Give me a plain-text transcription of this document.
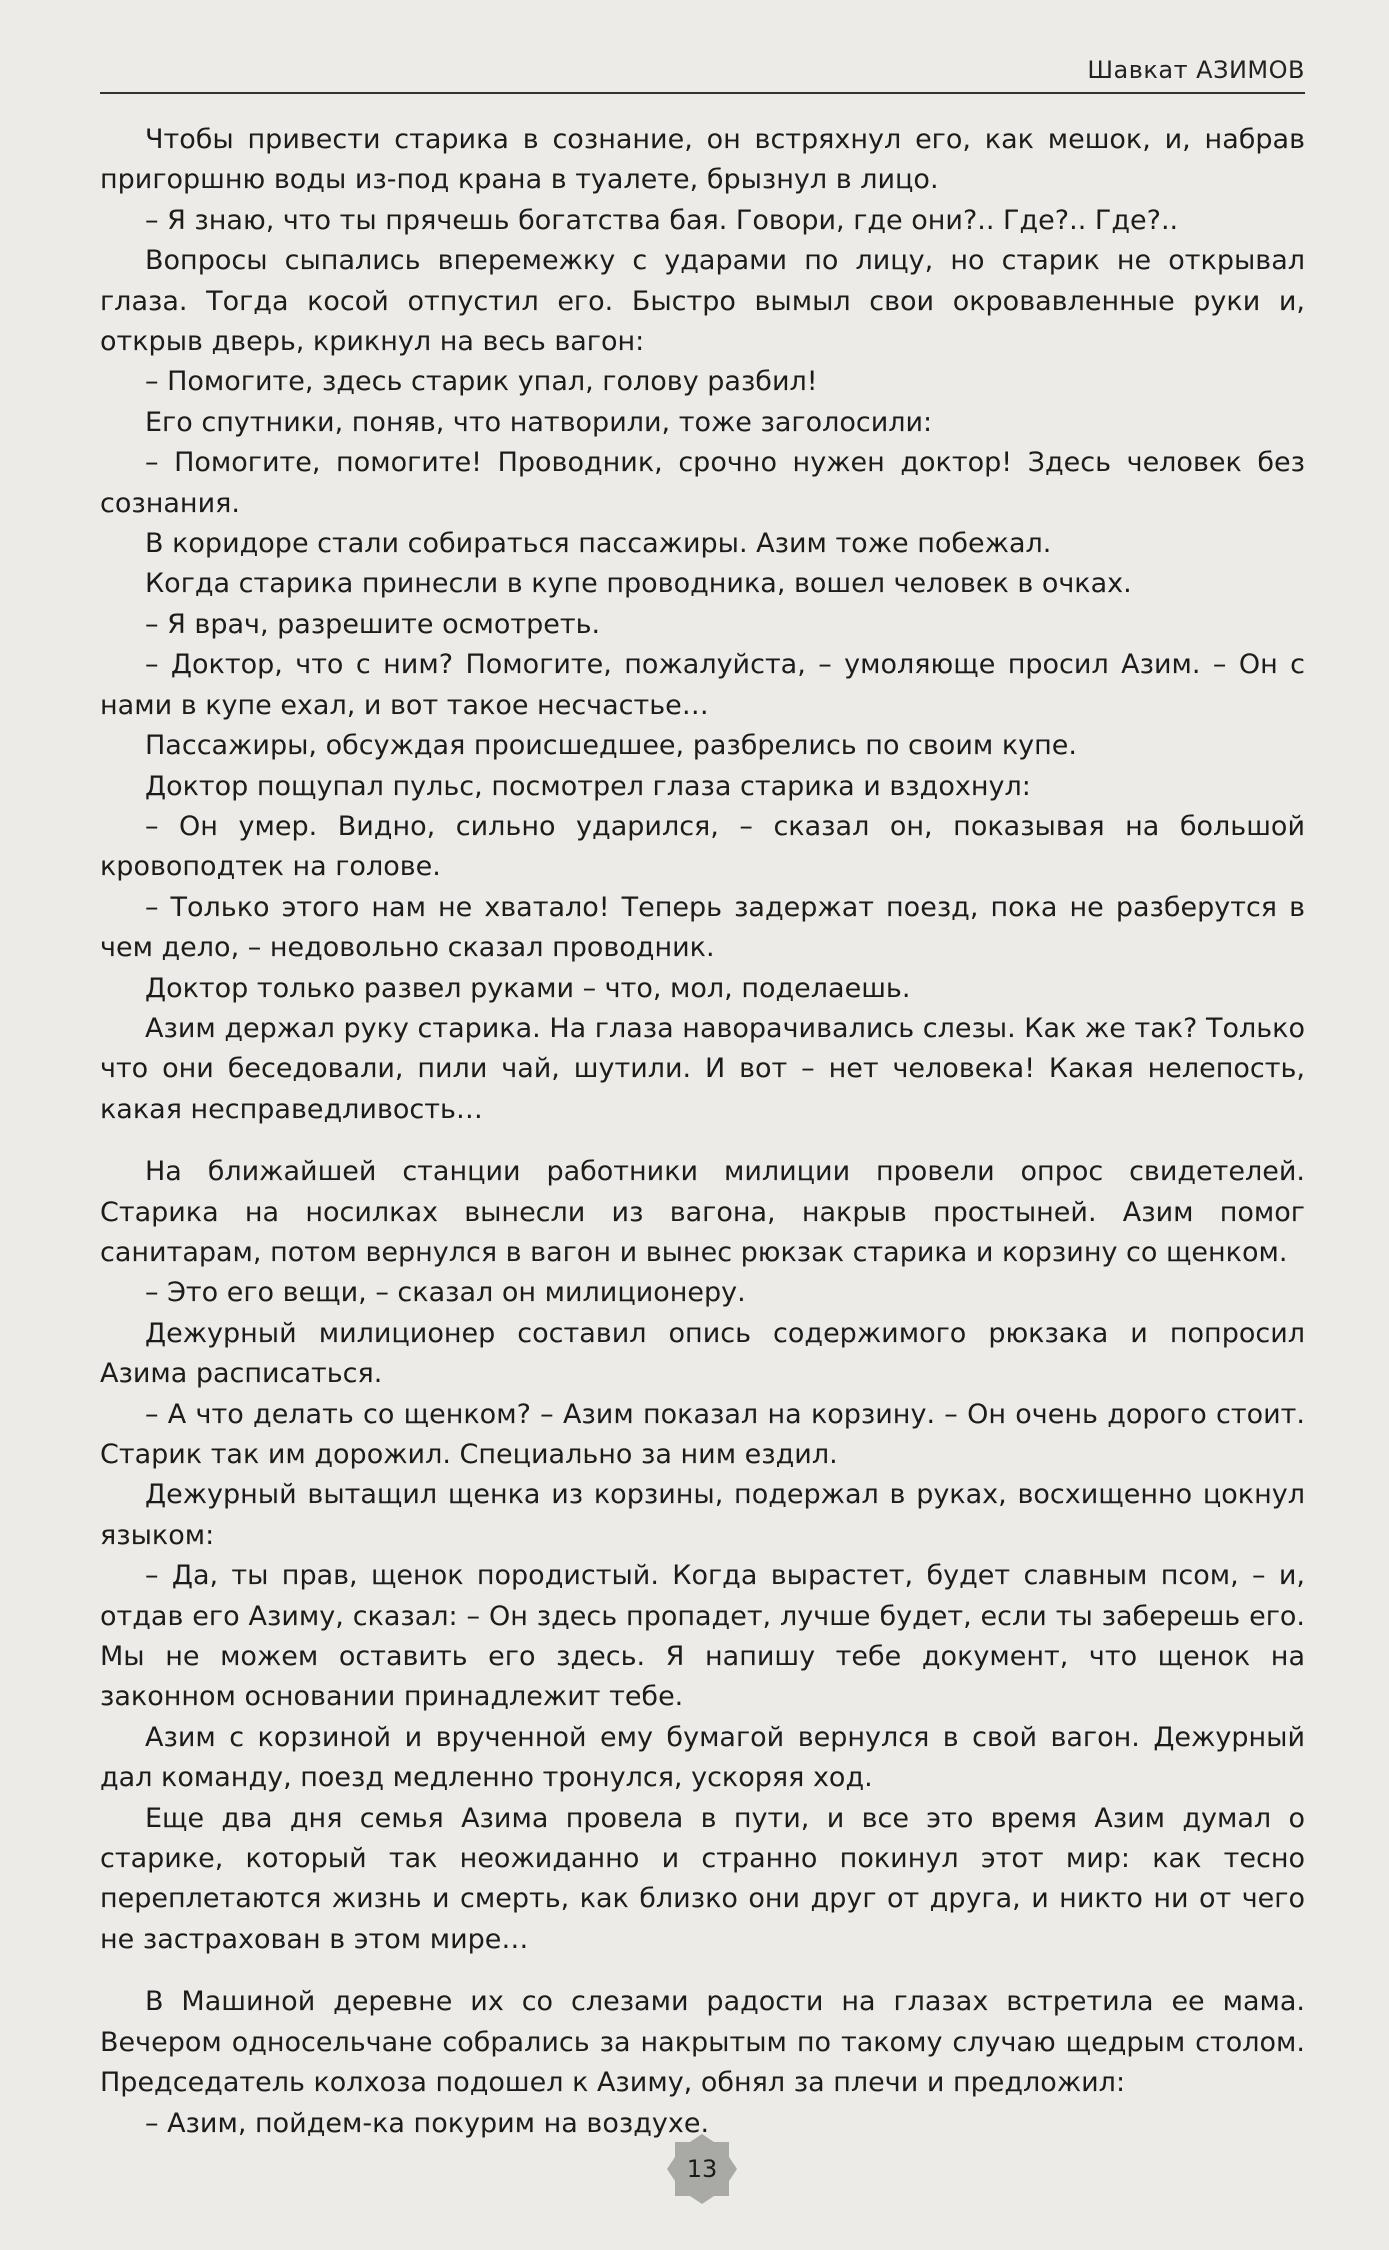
Шавкат АЗИМОВ

Чтобы привести старика в сознание, он встряхнул его, как мешок, и, набрав пригоршню воды из-под крана в туалете, брызнул в лицо.

– Я знаю, что ты прячешь богатства бая. Говори, где они?.. Где?.. Где?..

Вопросы сыпались вперемежку с ударами по лицу, но старик не открывал глаза. Тогда косой отпустил его. Быстро вымыл свои окровавленные руки и, открыв дверь, крикнул на весь вагон:

– Помогите, здесь старик упал, голову разбил!

Его спутники, поняв, что натворили, тоже заголосили:

– Помогите, помогите! Проводник, срочно нужен доктор! Здесь человек без сознания.

В коридоре стали собираться пассажиры. Азим тоже побежал.

Когда старика принесли в купе проводника, вошел человек в очках.

– Я врач, разрешите осмотреть.

– Доктор, что с ним? Помогите, пожалуйста, – умоляюще просил Азим. – Он с нами в купе ехал, и вот такое несчастье…

Пассажиры, обсуждая происшедшее, разбрелись по своим купе.

Доктор пощупал пульс, посмотрел глаза старика и вздохнул:

– Он умер. Видно, сильно ударился, – сказал он, показывая на большой кровоподтек на голове.

– Только этого нам не хватало! Теперь задержат поезд, пока не разберутся в чем дело, – недовольно сказал проводник.

Доктор только развел руками – что, мол, поделаешь.

Азим держал руку старика. На глаза наворачивались слезы. Как же так? Только что они беседовали, пили чай, шутили. И вот – нет человека! Какая нелепость, какая несправедливость…

На ближайшей станции работники милиции провели опрос свидетелей. Старика на носилках вынесли из вагона, накрыв простыней. Азим помог санитарам, потом вернулся в вагон и вынес рюкзак старика и корзину со щенком.

– Это его вещи, – сказал он милиционеру.

Дежурный милиционер составил опись содержимого рюкзака и попросил Азима расписаться.

– А что делать со щенком? – Азим показал на корзину. – Он очень дорого стоит. Старик так им дорожил. Специально за ним ездил.

Дежурный вытащил щенка из корзины, подержал в руках, восхищенно цокнул языком:

– Да, ты прав, щенок породистый. Когда вырастет, будет славным псом, – и, отдав его Азиму, сказал: – Он здесь пропадет, лучше будет, если ты заберешь его. Мы не можем оставить его здесь. Я напишу тебе документ, что щенок на законном основании принадлежит тебе.

Азим с корзиной и врученной ему бумагой вернулся в свой вагон. Дежурный дал команду, поезд медленно тронулся, ускоряя ход.

Еще два дня семья Азима провела в пути, и все это время Азим думал о старике, который так неожиданно и странно покинул этот мир: как тесно переплетаются жизнь и смерть, как близко они друг от друга, и никто ни от чего не застрахован в этом мире…

В Машиной деревне их со слезами радости на глазах встретила ее мама. Вечером односельчане собрались за накрытым по такому случаю щедрым столом. Председатель колхоза подошел к Азиму, обнял за плечи и предложил:

– Азим, пойдем-ка покурим на воздухе.

13
